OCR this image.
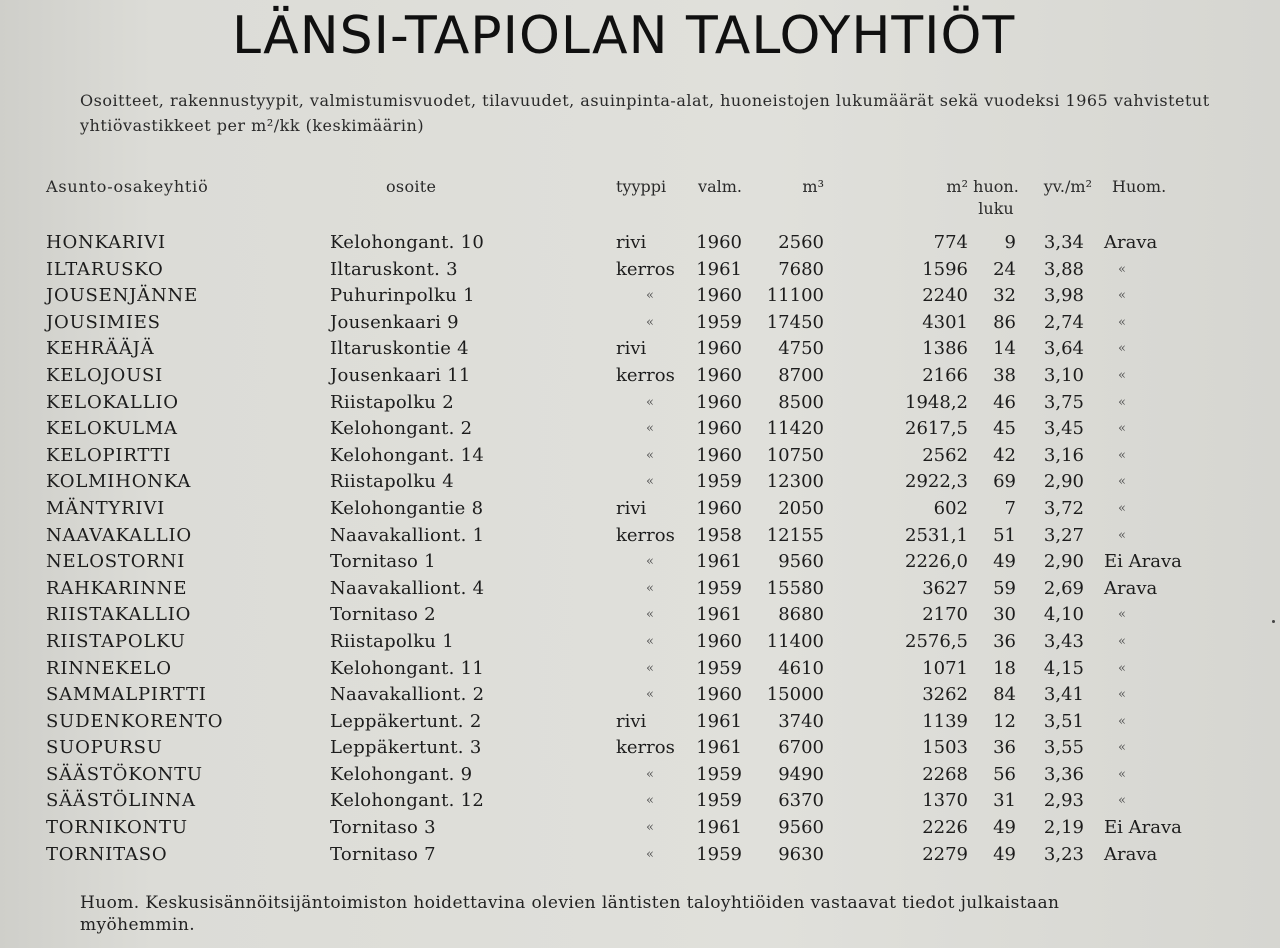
LÄNSI-TAPIOLAN TALOYHTIÖT
Osoitteet, rakennustyypit, valmistumisvuodet, tilavuudet, asuinpinta-alat, huoneistojen lukumäärät sekä vuodeksi 1965 vahvistetut yhtiövastikkeet per m²/kk (keskimäärin)
Asunto-osakeyhtiö	osoite	tyyppi	valm.	m³	m²	huon. luku	yv./m²	Huom.
HONKARIVI	Kelohongant. 10	rivi	1960	2560	774	9	3,34	Arava
ILTARUSKO	Iltaruskont. 3	kerros	1961	7680	1596	24	3,88	«
JOUSENJÄNNE	Puhurinpolku 1	«	1960	11100	2240	32	3,98	«
JOUSIMIES	Jousenkaari 9	«	1959	17450	4301	86	2,74	«
KEHRÄÄJÄ	Iltaruskontie 4	rivi	1960	4750	1386	14	3,64	«
KELOJOUSI	Jousenkaari 11	kerros	1960	8700	2166	38	3,10	«
KELOKALLIO	Riistapolku 2	«	1960	8500	1948,2	46	3,75	«
KELOKULMA	Kelohongant. 2	«	1960	11420	2617,5	45	3,45	«
KELOPIRTTI	Kelohongant. 14	«	1960	10750	2562	42	3,16	«
KOLMIHONKA	Riistapolku 4	«	1959	12300	2922,3	69	2,90	«
MÄNTYRIVI	Kelohongantie 8	rivi	1960	2050	602	7	3,72	«
NAAVAKALLIO	Naavakalliont. 1	kerros	1958	12155	2531,1	51	3,27	«
NELOSTORNI	Tornitaso 1	«	1961	9560	2226,0	49	2,90	Ei Arava
RAHKARINNE	Naavakalliont. 4	«	1959	15580	3627	59	2,69	Arava
RIISTAKALLIO	Tornitaso 2	«	1961	8680	2170	30	4,10	«
RIISTAPOLKU	Riistapolku 1	«	1960	11400	2576,5	36	3,43	«
RINNEKELO	Kelohongant. 11	«	1959	4610	1071	18	4,15	«
SAMMALPIRTTI	Naavakalliont. 2	«	1960	15000	3262	84	3,41	«
SUDENKORENTO	Leppäkertunt. 2	rivi	1961	3740	1139	12	3,51	«
SUOPURSU	Leppäkertunt. 3	kerros	1961	6700	1503	36	3,55	«
SÄÄSTÖKONTU	Kelohongant. 9	«	1959	9490	2268	56	3,36	«
SÄÄSTÖLINNA	Kelohongant. 12	«	1959	6370	1370	31	2,93	«
TORNIKONTU	Tornitaso 3	«	1961	9560	2226	49	2,19	Ei Arava
TORNITASO	Tornitaso 7	«	1959	9630	2279	49	3,23	Arava
Huom. Keskusisännöitsijäntoimiston hoidettavina olevien läntisten taloyhtiöiden vastaavat tiedot julkaistaan myöhemmin.
